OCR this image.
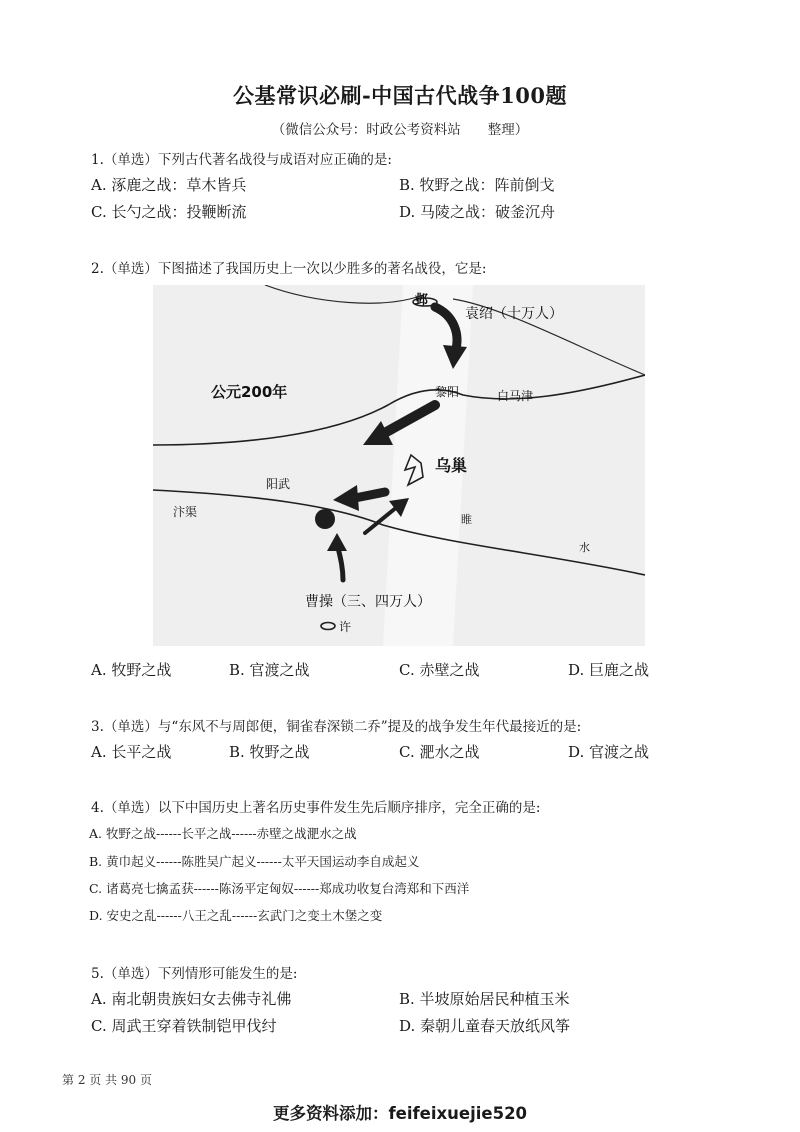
公基常识必刷-中国古代战争100题
（微信公众号：时政公考资料站　　整理）
1.（单选）下列古代著名战役与成语对应正确的是:
A. 涿鹿之战：草木皆兵	B. 牧野之战：阵前倒戈
C. 长勺之战：投鞭断流	D. 马陵之战：破釜沉舟
2.（单选）下图描述了我国历史上一次以少胜多的著名战役，它是:
邺
袁绍（十万人）
公元200年	黎阳	白马津
乌巢
阳武
汴渠
睢
水
曹操（三、四万人）
许
A. 牧野之战	B. 官渡之战	C. 赤壁之战	D. 巨鹿之战
3.（单选）与“东风不与周郎便，铜雀春深锁二乔”提及的战争发生年代最接近的是:
A. 长平之战	B. 牧野之战	C. 淝水之战	D. 官渡之战
4.（单选）以下中国历史上著名历史事件发生先后顺序排序，完全正确的是:
A. 牧野之战------长平之战------赤壁之战淝水之战
B. 黄巾起义------陈胜吴广起义------太平天国运动李自成起义
C. 诸葛亮七擒孟获------陈汤平定匈奴------郑成功收复台湾郑和下西洋
D. 安史之乱------八王之乱------玄武门之变土木堡之变
5.（单选）下列情形可能发生的是:
A. 南北朝贵族妇女去佛寺礼佛	B. 半坡原始居民种植玉米
C. 周武王穿着铁制铠甲伐纣	D. 秦朝儿童春天放纸风筝
第 2 页 共 90 页
更多资料添加：feifeixuejie520
